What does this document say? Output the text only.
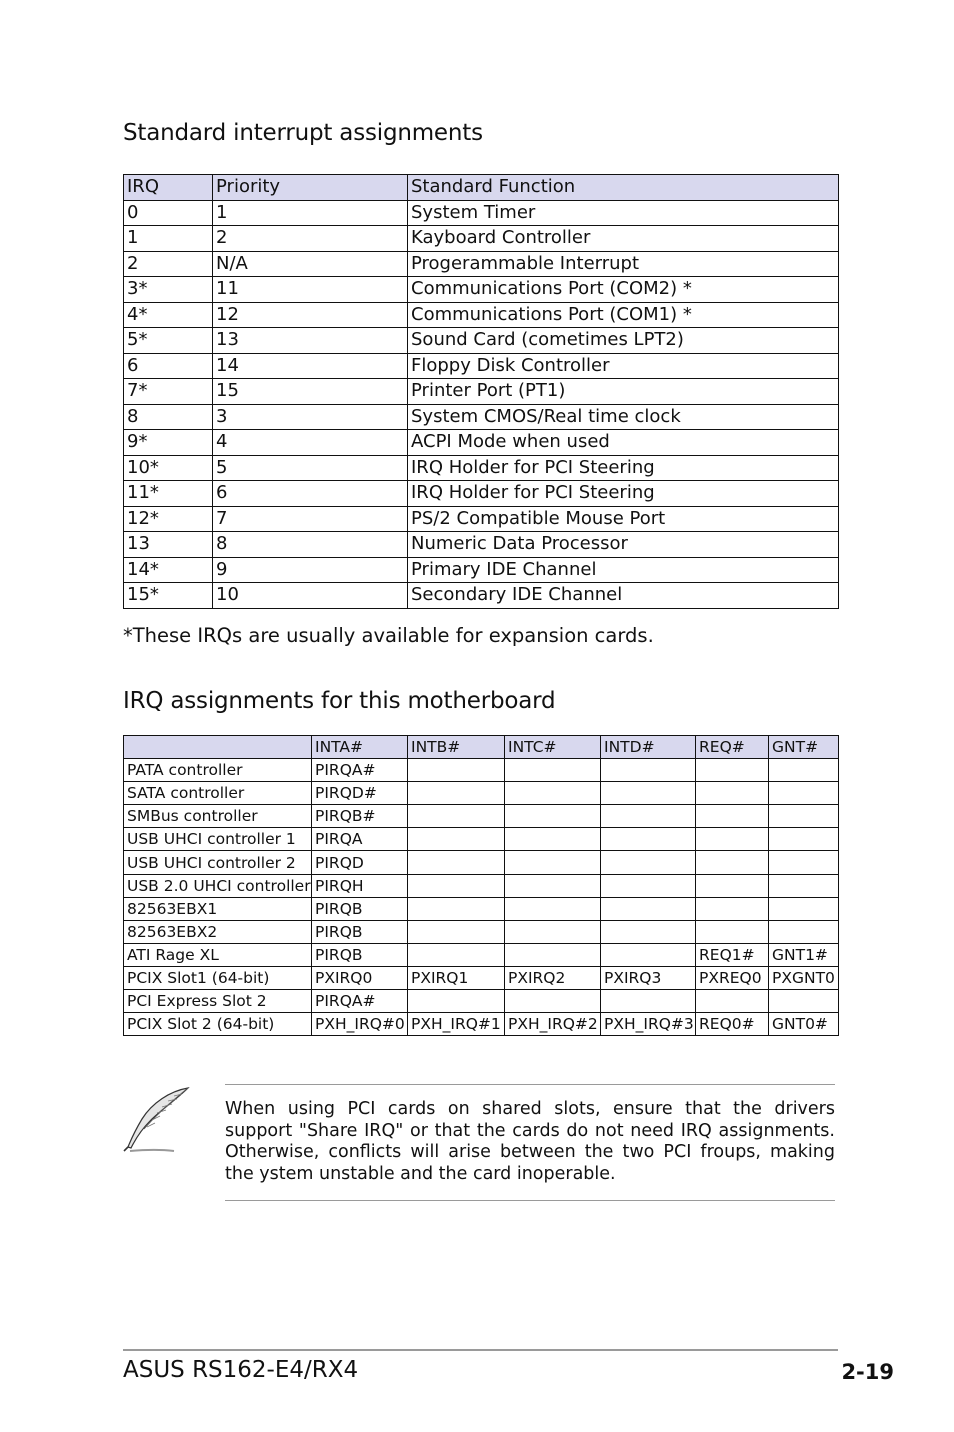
Standard interrupt assignments
IRQ	Priority	Standard Function
0	1	System Timer
1	2	Kayboard Controller
2	N/A	Progerammable Interrupt
3*	11	Communications Port (COM2) *
4*	12	Communications Port (COM1) *
5*	13	Sound Card (cometimes LPT2)
6	14	Floppy Disk Controller
7*	15	Printer Port (PT1)
8	3	System CMOS/Real time clock
9*	4	ACPI Mode when used
10*	5	IRQ Holder for PCI Steering
11*	6	IRQ Holder for PCI Steering
12*	7	PS/2 Compatible Mouse Port
13	8	Numeric Data Processor
14*	9	Primary IDE Channel
15*	10	Secondary IDE Channel

*These IRQs are usually available for expansion cards.

IRQ assignments for this motherboard
	INTA#	INTB#	INTC#	INTD#	REQ#	GNT#
PATA controller	PIRQA#					
SATA controller	PIRQD#					
SMBus controller	PIRQB#					
USB UHCI controller 1	PIRQA					
USB UHCI controller 2	PIRQD					
USB 2.0 UHCI controller	PIRQH					
82563EBX1	PIRQB					
82563EBX2	PIRQB					
ATI Rage XL	PIRQB				REQ1#	GNT1#
PCIX Slot1 (64-bit)	PXIRQ0	PXIRQ1	PXIRQ2	PXIRQ3	PXREQ0	PXGNT0
PCI Express Slot 2	PIRQA#					
PCIX Slot 2 (64-bit)	PXH_IRQ#0	PXH_IRQ#1	PXH_IRQ#2	PXH_IRQ#3	REQ0#	GNT0#

When using PCI cards on shared slots, ensure that the drivers support "Share IRQ" or that the cards do not need IRQ assignments. Otherwise, conflicts will arise between the two PCI froups, making the ystem unstable and the card inoperable.

ASUS RS162-E4/RX4	2-19
